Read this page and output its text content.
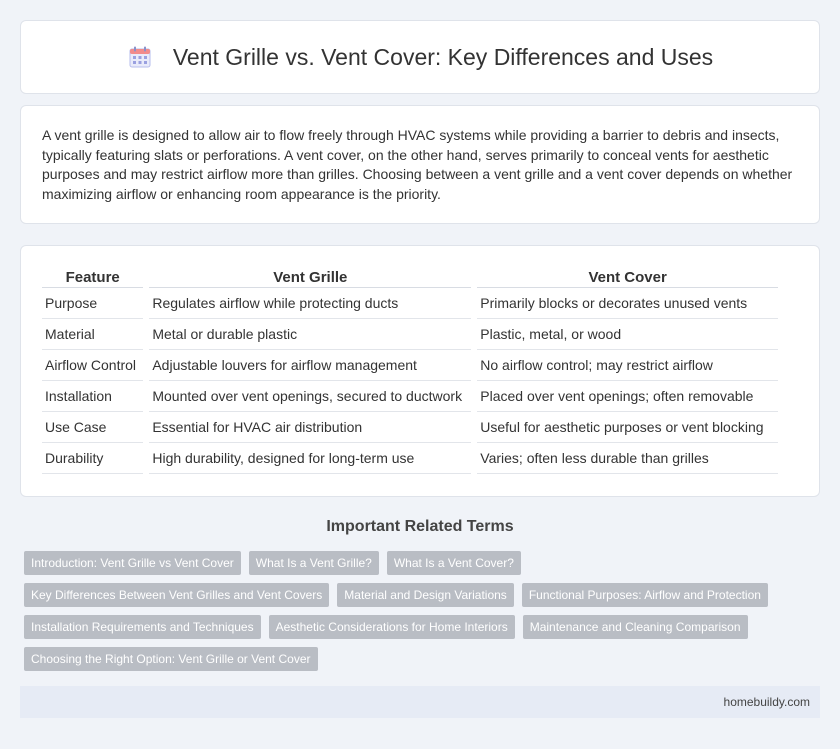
Vent Grille vs. Vent Cover: Key Differences and Uses

A vent grille is designed to allow air to flow freely through HVAC systems while providing a barrier to debris and insects, typically featuring slats or perforations. A vent cover, on the other hand, serves primarily to conceal vents for aesthetic purposes and may restrict airflow more than grilles. Choosing between a vent grille and a vent cover depends on whether maximizing airflow or enhancing room appearance is the priority.

Feature	Vent Grille	Vent Cover
Purpose	Regulates airflow while protecting ducts	Primarily blocks or decorates unused vents
Material	Metal or durable plastic	Plastic, metal, or wood
Airflow Control	Adjustable louvers for airflow management	No airflow control; may restrict airflow
Installation	Mounted over vent openings, secured to ductwork	Placed over vent openings; often removable
Use Case	Essential for HVAC air distribution	Useful for aesthetic purposes or vent blocking
Durability	High durability, designed for long-term use	Varies; often less durable than grilles
Important Related Terms
Introduction: Vent Grille vs Vent Cover	What Is a Vent Grille?	What Is a Vent Cover?
Key Differences Between Vent Grilles and Vent Covers	Material and Design Variations	Functional Purposes: Airflow and Protection
Installation Requirements and Techniques	Aesthetic Considerations for Home Interiors	Maintenance and Cleaning Comparison
Choosing the Right Option: Vent Grille or Vent Cover
homebuildy.com
